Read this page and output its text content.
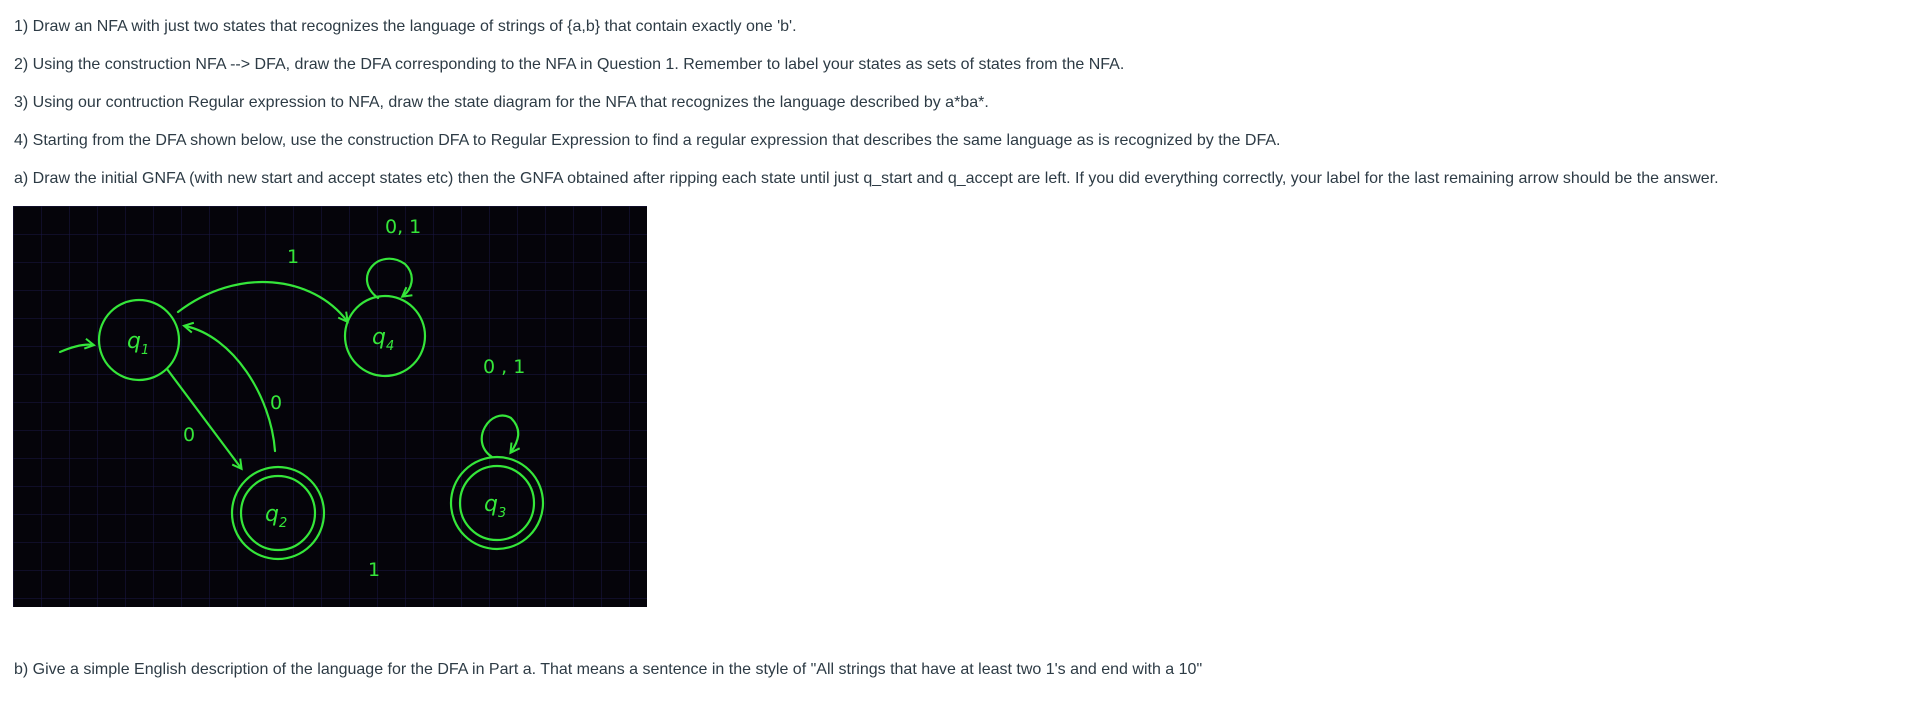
1) Draw an NFA with just two states that recognizes the language of strings of {a,b} that contain exactly one 'b'.

2) Using the construction NFA --> DFA, draw the DFA corresponding to the NFA in Question 1. Remember to label your states as sets of states from the NFA.

3) Using our contruction Regular expression to NFA, draw the state diagram for the NFA that recognizes the language described by a*ba*.

4) Starting from the DFA shown below, use the construction DFA to Regular Expression to find a regular expression that describes the same language as is recognized by the DFA.

a) Draw the initial GNFA (with new start and accept states etc) then the GNFA obtained after ripping each state until just q_start and q_accept are left. If you did everything correctly, your label for the last remaining arrow should be the answer.

b) Give a simple English description of the language for the DFA in Part a. That means a sentence in the style of "All strings that have at least two 1's and end with a 10"

$q_1$
$q_2$
$q_3$
$q_4$
1
0
0
1
0, 1
0 , 1
